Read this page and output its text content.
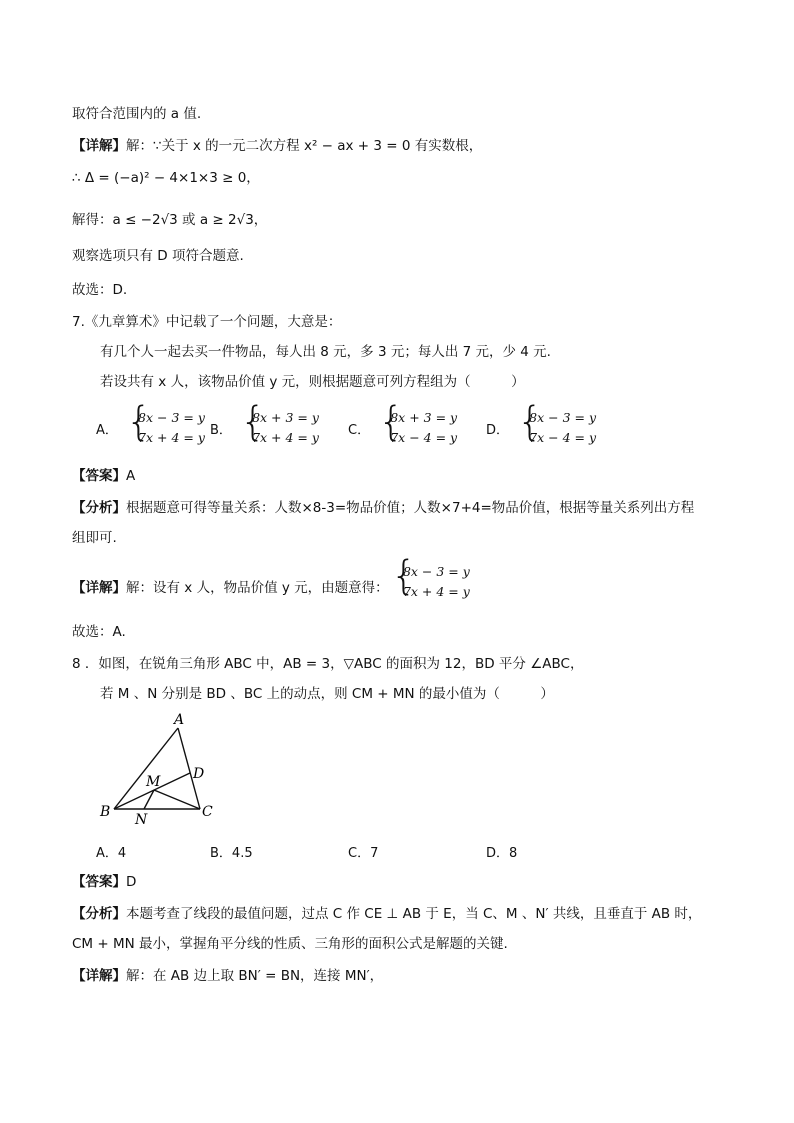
取符合范围内的 a 值.
【详解】解：∵关于 x 的一元二次方程 x² − ax + 3 = 0 有实数根，
∴ Δ = (−a)² − 4×1×3 ≥ 0，
解得：a ≤ −2√3 或 a ≥ 2√3，
观察选项只有 D 项符合题意.
故选：D.
7.《九章算术》中记载了一个问题，大意是：
有几个人一起去买一件物品，每人出 8 元，多 3 元；每人出 7 元，少 4 元.
若设共有 x 人，该物品价值 y 元，则根据题意可列方程组为（　　　）
A．
{ 8x − 3 = y
7x + 4 = y B．
{ 8x + 3 = y
7x + 4 = y C．
{ 8x + 3 = y
7x − 4 = y D．
{ 8x − 3 = y
7x − 4 = y
【答案】A
【分析】根据题意可得等量关系：人数×8-3=物品价值；人数×7+4=物品价值，根据等量关系列出方程
组即可.
【详解】解：设有 x 人，物品价值 y 元，由题意得：
{ 8x − 3 = y
7x + 4 = y
故选：A.
8 ．如图，在锐角三角形 ABC 中，AB = 3，▽ABC 的面积为 12，BD 平分 ∠ABC，
若 M 、N 分别是 BD 、BC 上的动点，则 CM + MN 的最小值为（　　　）
A
B	C
D
M
N
A．4	B．4.5	C．7	D．8
【答案】D
【分析】本题考查了线段的最值问题，过点 C 作 CE ⊥ AB 于 E，当 C、M 、N′ 共线，且垂直于 AB 时，
CM + MN 最小，掌握角平分线的性质、三角形的面积公式是解题的关键.
【详解】解：在 AB 边上取 BN′ = BN，连接 MN′，
